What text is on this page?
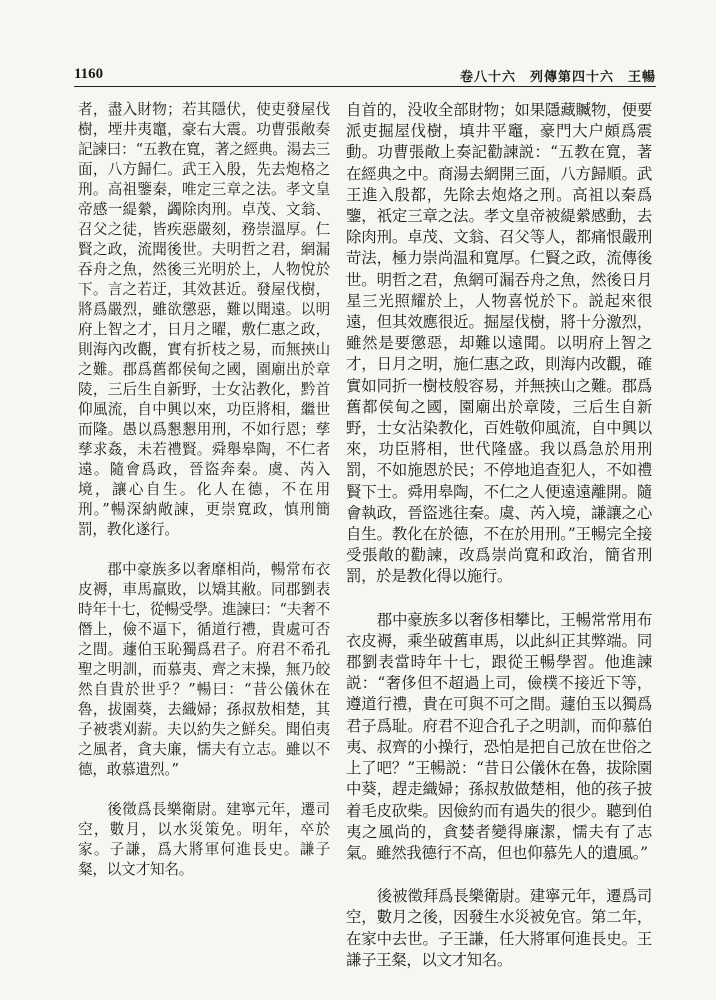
1160	卷八十六　列傳第四十六　王暢

者，盡入財物；若其隱伏，使吏發屋伐樹，堙井夷竈，豪右大震。功曹張敞奏記諫曰：“五教在寬，著之經典。湯去三面，八方歸仁。武王入殷，先去炮格之刑。高祖鑒秦，唯定三章之法。孝文皇帝感一緹縈，蠲除肉刑。卓茂、文翁、召父之徒，皆疾惡嚴刻，務崇溫厚。仁賢之政，流聞後世。夫明哲之君，網漏吞舟之魚，然後三光明於上，人物悅於下。言之若迂，其效甚近。發屋伐樹，將爲嚴烈，雖欲懲惡，難以聞遠。以明府上智之才，日月之曜，敷仁惠之政，則海內改觀，實有折枝之易，而無挾山之難。郡爲舊都侯甸之國，園廟出於章陵，三后生自新野，士女沾教化，黔首仰風流，自中興以來，功臣將相，繼世而隆。愚以爲懇懇用刑，不如行恩；孳孳求姦，未若禮賢。舜舉皋陶，不仁者遠。隨會爲政，晉盜奔秦。虞、芮入境，讓心自生。化人在德，不在用刑。”暢深納敞諫，更崇寬政，慎刑簡罰，教化遂行。

郡中豪族多以奢靡相尚，暢常布衣皮褥，車馬羸敗，以矯其敝。同郡劉表時年十七，從暢受學。進諫曰：“夫奢不僭上，儉不逼下，循道行禮，貴處可否之間。蘧伯玉恥獨爲君子。府君不希孔聖之明訓，而慕夷、齊之末操，無乃皎然自貴於世乎？”暢曰：“昔公儀休在魯，拔園葵，去織婦；孫叔敖相楚，其子被裘刈薪。夫以約失之鮮矣。聞伯夷之風者，貪夫廉，懦夫有立志。雖以不德，敢慕遺烈。”

後徵爲長樂衛尉。建寧元年，遷司空，數月，以水災策免。明年，卒於家。子謙，爲大將軍何進長史。謙子粲，以文才知名。

自首的，没收全部財物；如果隱藏贓物，便要派吏掘屋伐樹，填井平竈，豪門大户頗爲震動。功曹張敞上奏記勸諫説：“五教在寬，著在經典之中。商湯去網開三面，八方歸順。武王進入殷都，先除去炮烙之刑。高祖以秦爲鑒，祇定三章之法。孝文皇帝被緹縈感動，去除肉刑。卓茂、文翁、召父等人，都痛恨嚴刑苛法，極力崇尚温和寬厚。仁賢之政，流傳後世。明哲之君，魚網可漏吞舟之魚，然後日月星三光照耀於上，人物喜悦於下。説起來很遠，但其效應很近。掘屋伐樹，將十分激烈，雖然是要懲惡，却難以遠聞。以明府上智之才，日月之明，施仁惠之政，則海内改觀，確實如同折一樹枝般容易，并無挾山之難。郡爲舊都侯甸之國，園廟出於章陵，三后生自新野，士女沾染教化，百姓敬仰風流，自中興以來，功臣將相，世代隆盛。我以爲急於用刑罰，不如施恩於民；不停地追查犯人，不如禮賢下士。舜用皋陶，不仁之人便遠遠離開。隨會執政，晉盜逃往秦。虞、芮入境，謙讓之心自生。教化在於德，不在於用刑。”王暢完全接受張敞的勸諫，改爲崇尚寬和政治，簡省刑罰，於是教化得以施行。

郡中豪族多以奢侈相攀比，王暢常常用布衣皮褥，乘坐破舊車馬，以此糾正其弊端。同郡劉表當時年十七，跟從王暢學習。他進諫説：“奢侈但不超過上司，儉樸不接近下等，遵道行禮，貴在可與不可之間。蘧伯玉以獨爲君子爲耻。府君不迎合孔子之明訓，而仰慕伯夷、叔齊的小操行，恐怕是把自己放在世俗之上了吧？”王暢説：“昔日公儀休在魯，拔除園中葵，趕走織婦；孫叔敖做楚相，他的孩子披着毛皮砍柴。因儉約而有過失的很少。聽到伯夷之風尚的，貪婪者變得廉潔，懦夫有了志氣。雖然我德行不高，但也仰慕先人的遺風。”

後被徵拜爲長樂衛尉。建寧元年，遷爲司空，數月之後，因發生水災被免官。第二年，在家中去世。子王謙，任大將軍何進長史。王謙子王粲，以文才知名。
